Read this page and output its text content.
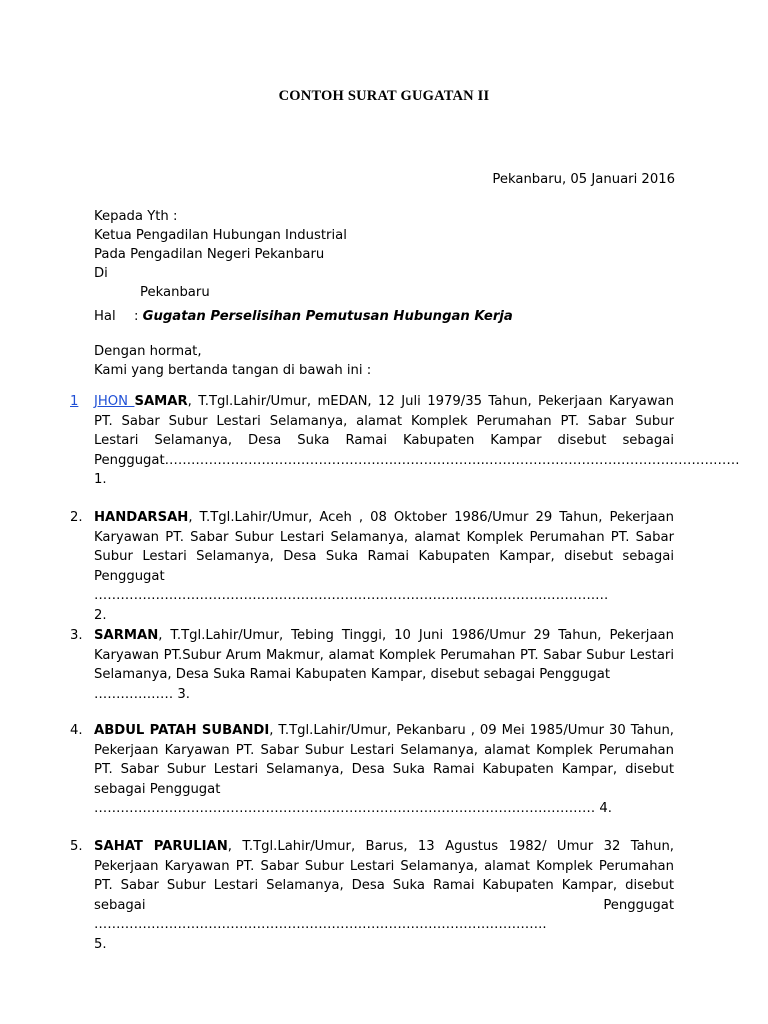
CONTOH SURAT GUGATAN II
Pekanbaru, 05 Januari 2016
Kepada Yth :
Ketua Pengadilan Hubungan Industrial
Pada Pengadilan Negeri Pekanbaru
Di
Pekanbaru
Hal : Gugatan Perselisihan Pemutusan Hubungan Kerja
Dengan hormat,
Kami yang bertanda tangan di bawah ini :
1 JHON SAMAR, T.Tgl.Lahir/Umur, mEDAN, 12 Juli 1979/35 Tahun, Pekerjaan Karyawan PT. Sabar Subur Lestari Selamanya, alamat Komplek Perumahan PT. Sabar Subur Lestari Selamanya, Desa Suka Ramai Kabupaten Kampar disebut sebagai Penggugat……………………………………………..………………..…………………………………………….……
1.
2. HANDARSAH, T.Tgl.Lahir/Umur, Aceh , 08 Oktober 1986/Umur 29 Tahun, Pekerjaan Karyawan PT. Sabar Subur Lestari Selamanya, alamat Komplek Perumahan PT. Sabar Subur Lestari Selamanya, Desa Suka Ramai Kabupaten Kampar, disebut sebagai Penggugat ………………………………………………………………………………………………………
2.
3. SARMAN, T.Tgl.Lahir/Umur, Tebing Tinggi, 10 Juni 1986/Umur 29 Tahun, Pekerjaan Karyawan PT.Subur Arum Makmur, alamat Komplek Perumahan PT. Sabar Subur Lestari Selamanya, Desa Suka Ramai Kabupaten Kampar, disebut sebagai Penggugat
……………… 3.
4. ABDUL PATAH SUBANDI, T.Tgl.Lahir/Umur, Pekanbaru , 09 Mei 1985/Umur 30 Tahun, Pekerjaan Karyawan PT. Sabar Subur Lestari Selamanya, alamat Komplek Perumahan PT. Sabar Subur Lestari Selamanya, Desa Suka Ramai Kabupaten Kampar, disebut sebagai Penggugat
…………………………………………………………………………………………………… 4.
5. SAHAT PARULIAN, T.Tgl.Lahir/Umur, Barus, 13 Agustus 1982/ Umur 32 Tahun, Pekerjaan Karyawan PT. Sabar Subur Lestari Selamanya, alamat Komplek Perumahan PT. Sabar Subur Lestari Selamanya, Desa Suka Ramai Kabupaten Kampar, disebut sebagai Penggugat ………………………………………………………………………………………….
5.
